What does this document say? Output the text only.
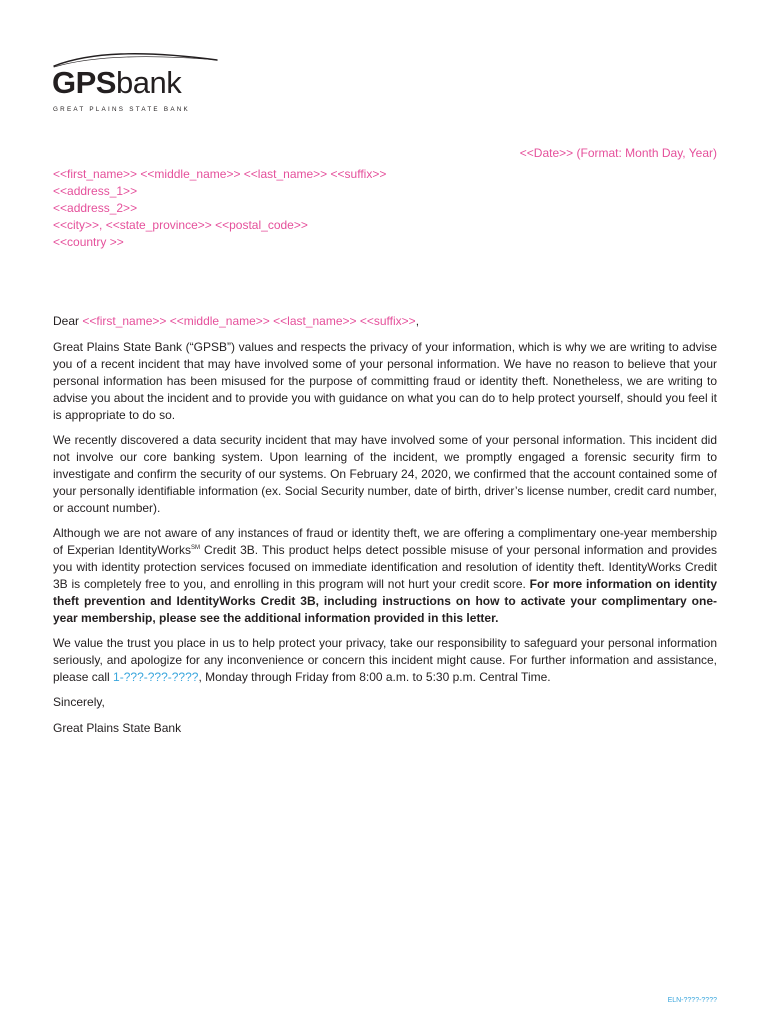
GPSbank
GREAT PLAINS STATE BANK
<<Date>> (Format: Month Day, Year)
<<first_name>> <<middle_name>> <<last_name>> <<suffix>>
<<address_1>>
<<address_2>>
<<city>>, <<state_province>> <<postal_code>>
<<country >>

Dear <<first_name>> <<middle_name>> <<last_name>> <<suffix>>,

Great Plains State Bank (“GPSB”) values and respects the privacy of your information, which is why we are writing to advise you of a recent incident that may have involved some of your personal information. We have no reason to believe that your personal information has been misused for the purpose of committing fraud or identity theft. Nonetheless, we are writing to advise you about the incident and to provide you with guidance on what you can do to help protect yourself, should you feel it is appropriate to do so.

We recently discovered a data security incident that may have involved some of your personal information. This incident did not involve our core banking system. Upon learning of the incident, we promptly engaged a forensic security firm to investigate and confirm the security of our systems. On February 24, 2020, we confirmed that the account contained some of your personally identifiable information (ex. Social Security number, date of birth, driver’s license number, credit card number, or account number).

Although we are not aware of any instances of fraud or identity theft, we are offering a complimentary one-year membership of Experian IdentityWorks℠ Credit 3B. This product helps detect possible misuse of your personal information and provides you with identity protection services focused on immediate identification and resolution of identity theft. IdentityWorks Credit 3B is completely free to you, and enrolling in this program will not hurt your credit score. For more information on identity theft prevention and IdentityWorks Credit 3B, including instructions on how to activate your complimentary one-year membership, please see the additional information provided in this letter.

We value the trust you place in us to help protect your privacy, take our responsibility to safeguard your personal information seriously, and apologize for any inconvenience or concern this incident might cause. For further information and assistance, please call 1-???-???-????, Monday through Friday from 8:00 a.m. to 5:30 p.m. Central Time.

Sincerely,

Great Plains State Bank

ELN-????-????
